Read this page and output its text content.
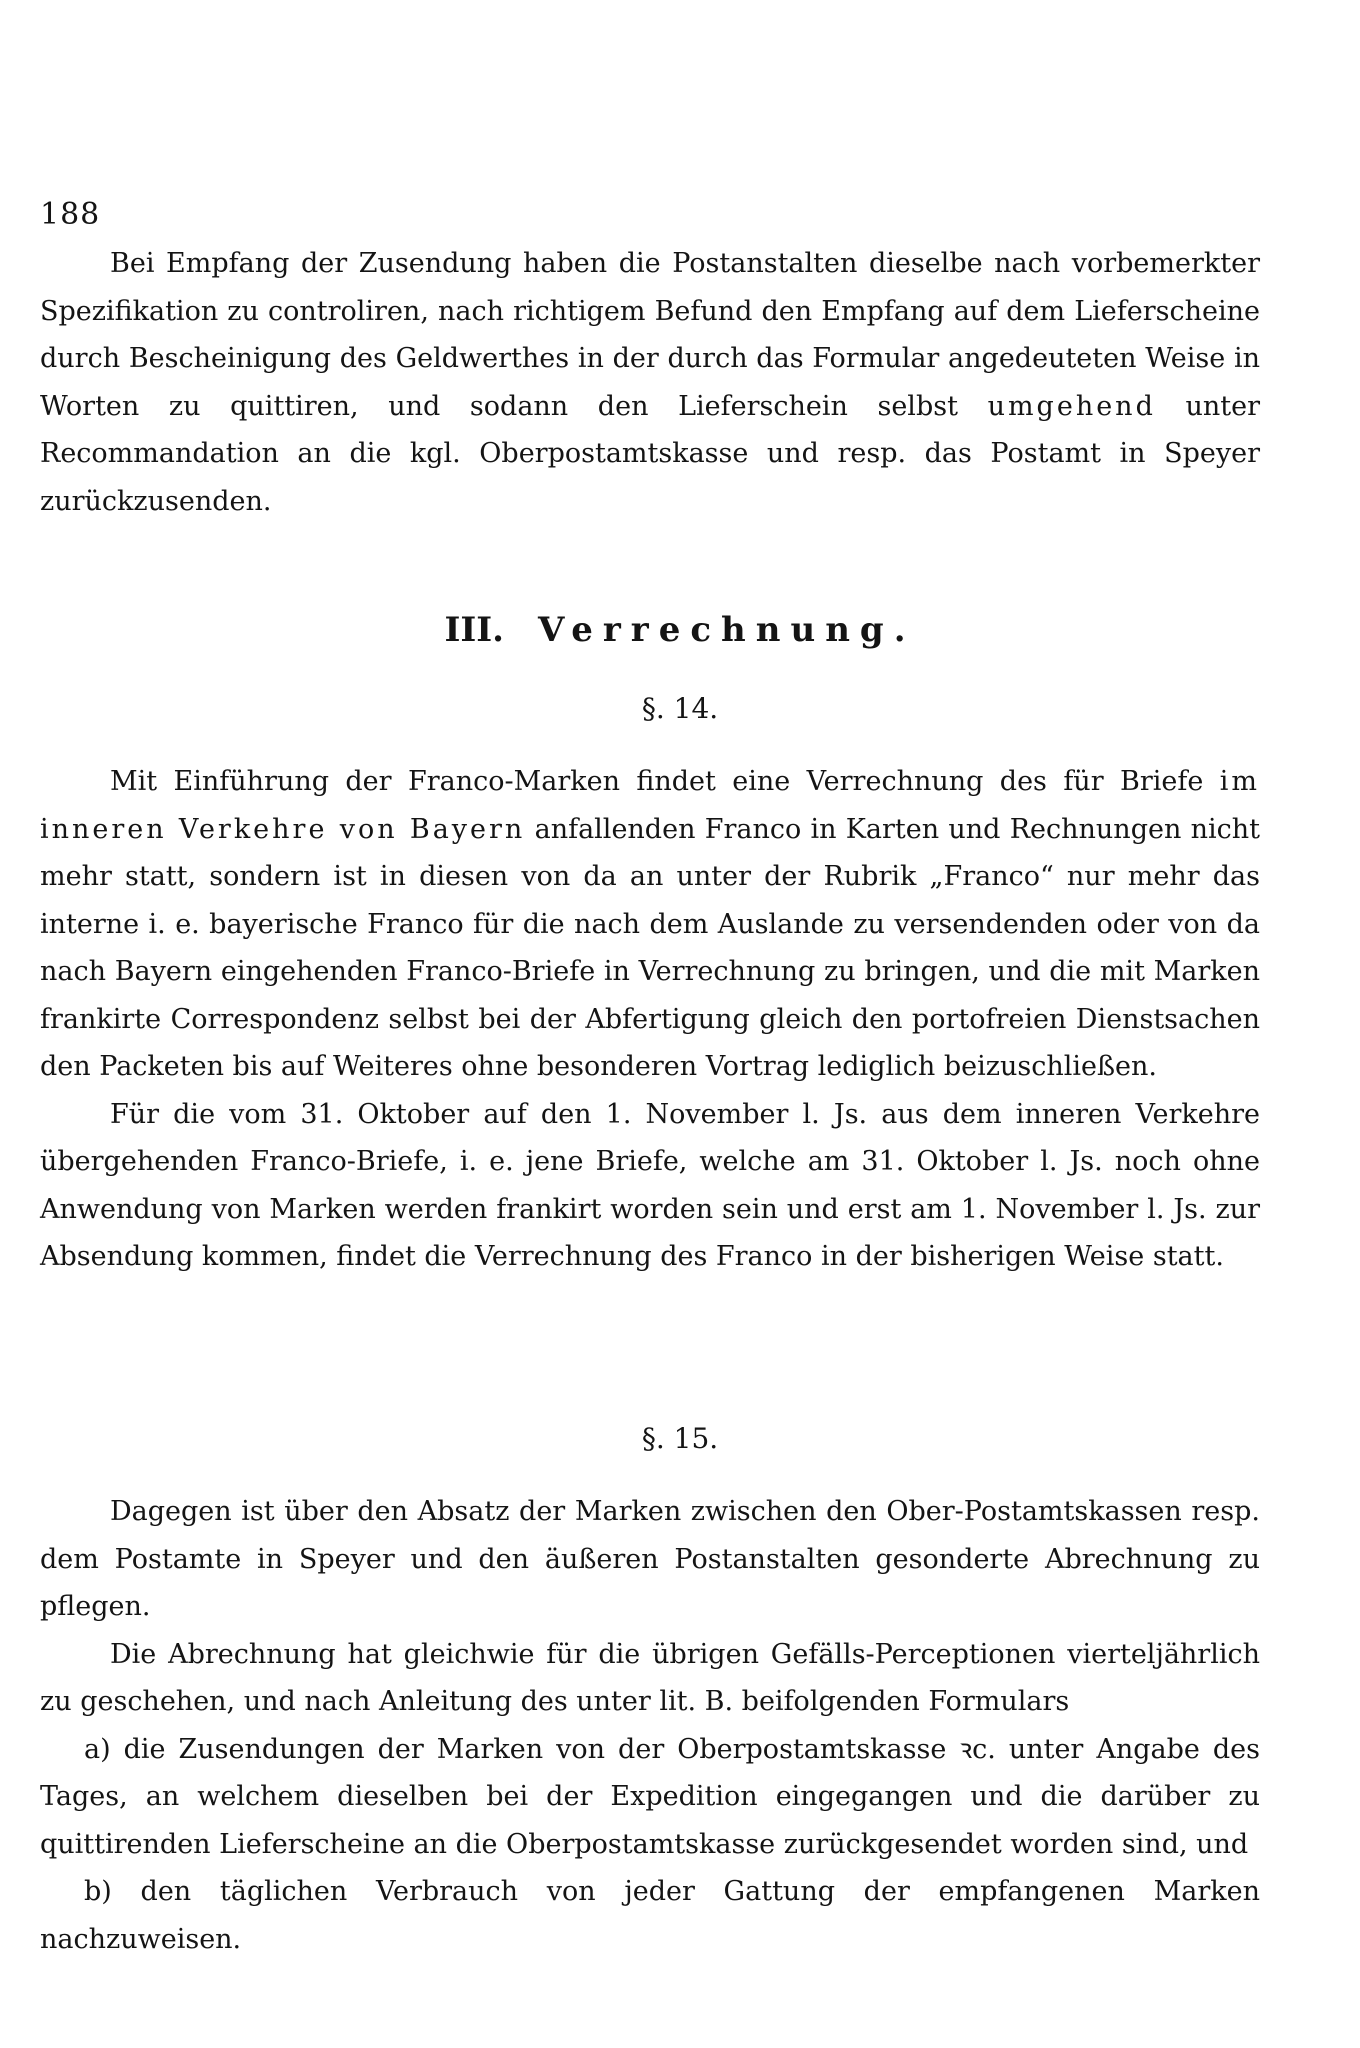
188

Bei Empfang der Zusendung haben die Postanstalten dieselbe nach vorbemerkter Spezifikation zu controliren, nach richtigem Befund den Empfang auf dem Lieferscheine durch Bescheinigung des Geldwerthes in der durch das Formular angedeuteten Weise in Worten zu quittiren, und sodann den Lieferschein selbst umgehend unter Recommandation an die kgl. Oberpostamtskasse und resp. das Postamt in Speyer zurückzusenden.

III. Verrechnung.
§. 14.

Mit Einführung der Franco-Marken findet eine Verrechnung des für Briefe im inneren Verkehre von Bayern anfallenden Franco in Karten und Rechnungen nicht mehr statt, sondern ist in diesen von da an unter der Rubrik „Franco“ nur mehr das interne i. e. bayerische Franco für die nach dem Auslande zu versendenden oder von da nach Bayern eingehenden Franco-Briefe in Verrechnung zu bringen, und die mit Marken frankirte Correspondenz selbst bei der Abfertigung gleich den portofreien Dienstsachen den Packeten bis auf Weiteres ohne besonderen Vortrag lediglich beizuschließen.

Für die vom 31. Oktober auf den 1. November l. Js. aus dem inneren Verkehre übergehenden Franco-Briefe, i. e. jene Briefe, welche am 31. Oktober l. Js. noch ohne Anwendung von Marken werden frankirt worden sein und erst am 1. November l. Js. zur Absendung kommen, findet die Verrechnung des Franco in der bisherigen Weise statt.

§. 15.

Dagegen ist über den Absatz der Marken zwischen den Ober-Postamtskassen resp. dem Postamte in Speyer und den äußeren Postanstalten gesonderte Abrechnung zu pflegen.

Die Abrechnung hat gleichwie für die übrigen Gefälls-Perceptionen vierteljährlich zu geschehen, und nach Anleitung des unter lit. B. beifolgenden Formulars

a) die Zusendungen der Marken von der Oberpostamtskasse ꝛc. unter Angabe des Tages, an welchem dieselben bei der Expedition eingegangen und die darüber zu quittirenden Lieferscheine an die Oberpostamtskasse zurückgesendet worden sind, und

b) den täglichen Verbrauch von jeder Gattung der empfangenen Marken nachzuweisen.
